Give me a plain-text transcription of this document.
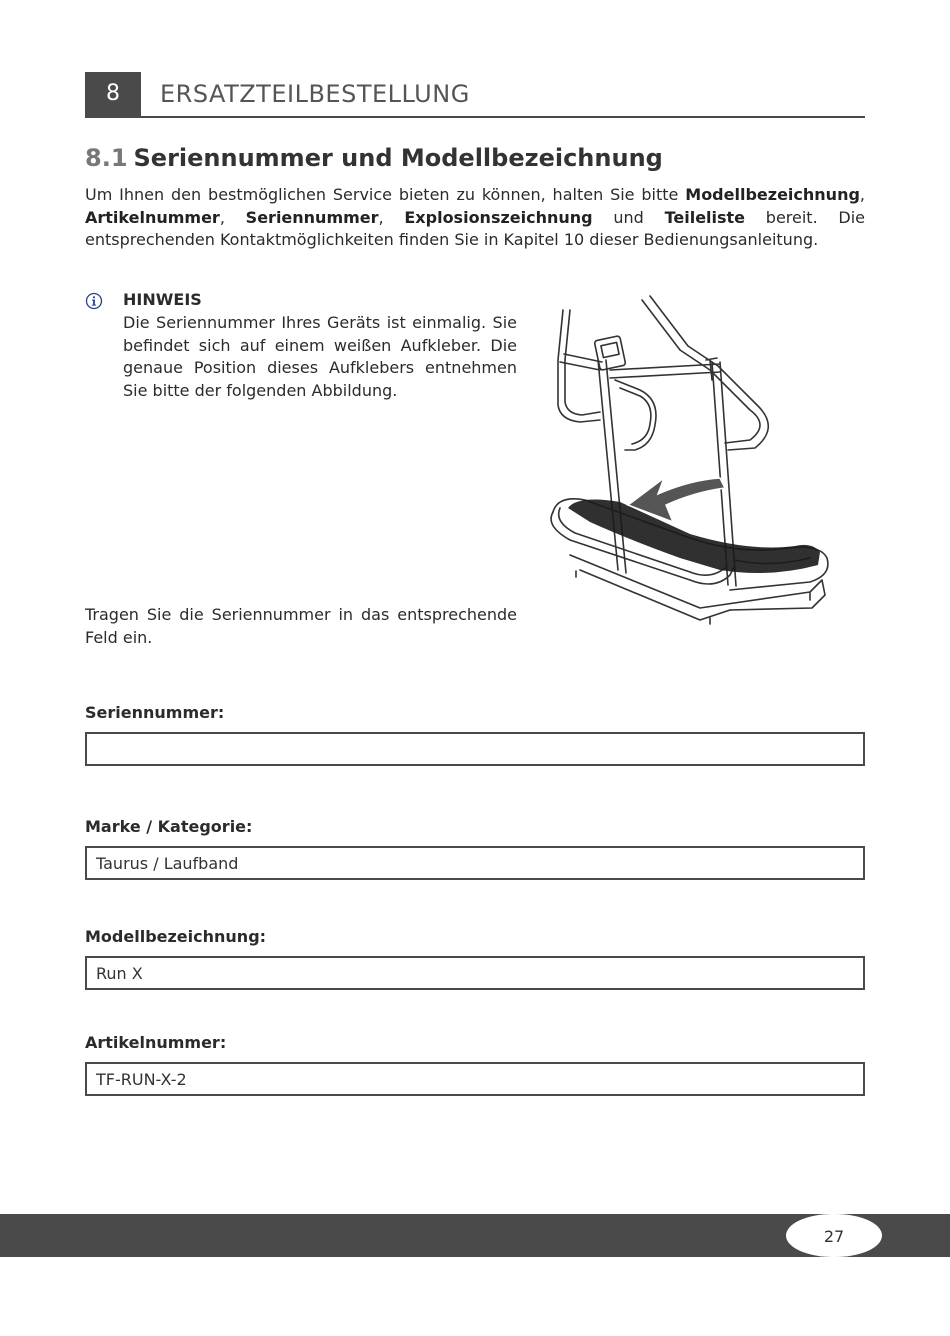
8	ERSATZTEILBESTELLUNG
8.1 Seriennummer und Modellbezeichnung

Um Ihnen den bestmöglichen Service bieten zu können, halten Sie bitte Modellbezeichnung, Artikelnummer, Seriennummer, Explosionszeichnung und Teileliste bereit. Die entsprechenden Kontaktmöglichkeiten finden Sie in Kapitel 10 dieser Bedienungsanleitung.

HINWEIS

Die Seriennummer Ihres Geräts ist einmalig. Sie befindet sich auf einem weißen Aufkleber. Die genaue Position dieses Aufklebers entnehmen Sie bitte der folgenden Abbildung.

Tragen Sie die Seriennummer in das entsprechende Feld ein.

Seriennummer:
Marke / Kategorie:
Taurus / Laufband
Modellbezeichnung:
Run X
Artikelnummer:
TF-RUN-X-2
27
